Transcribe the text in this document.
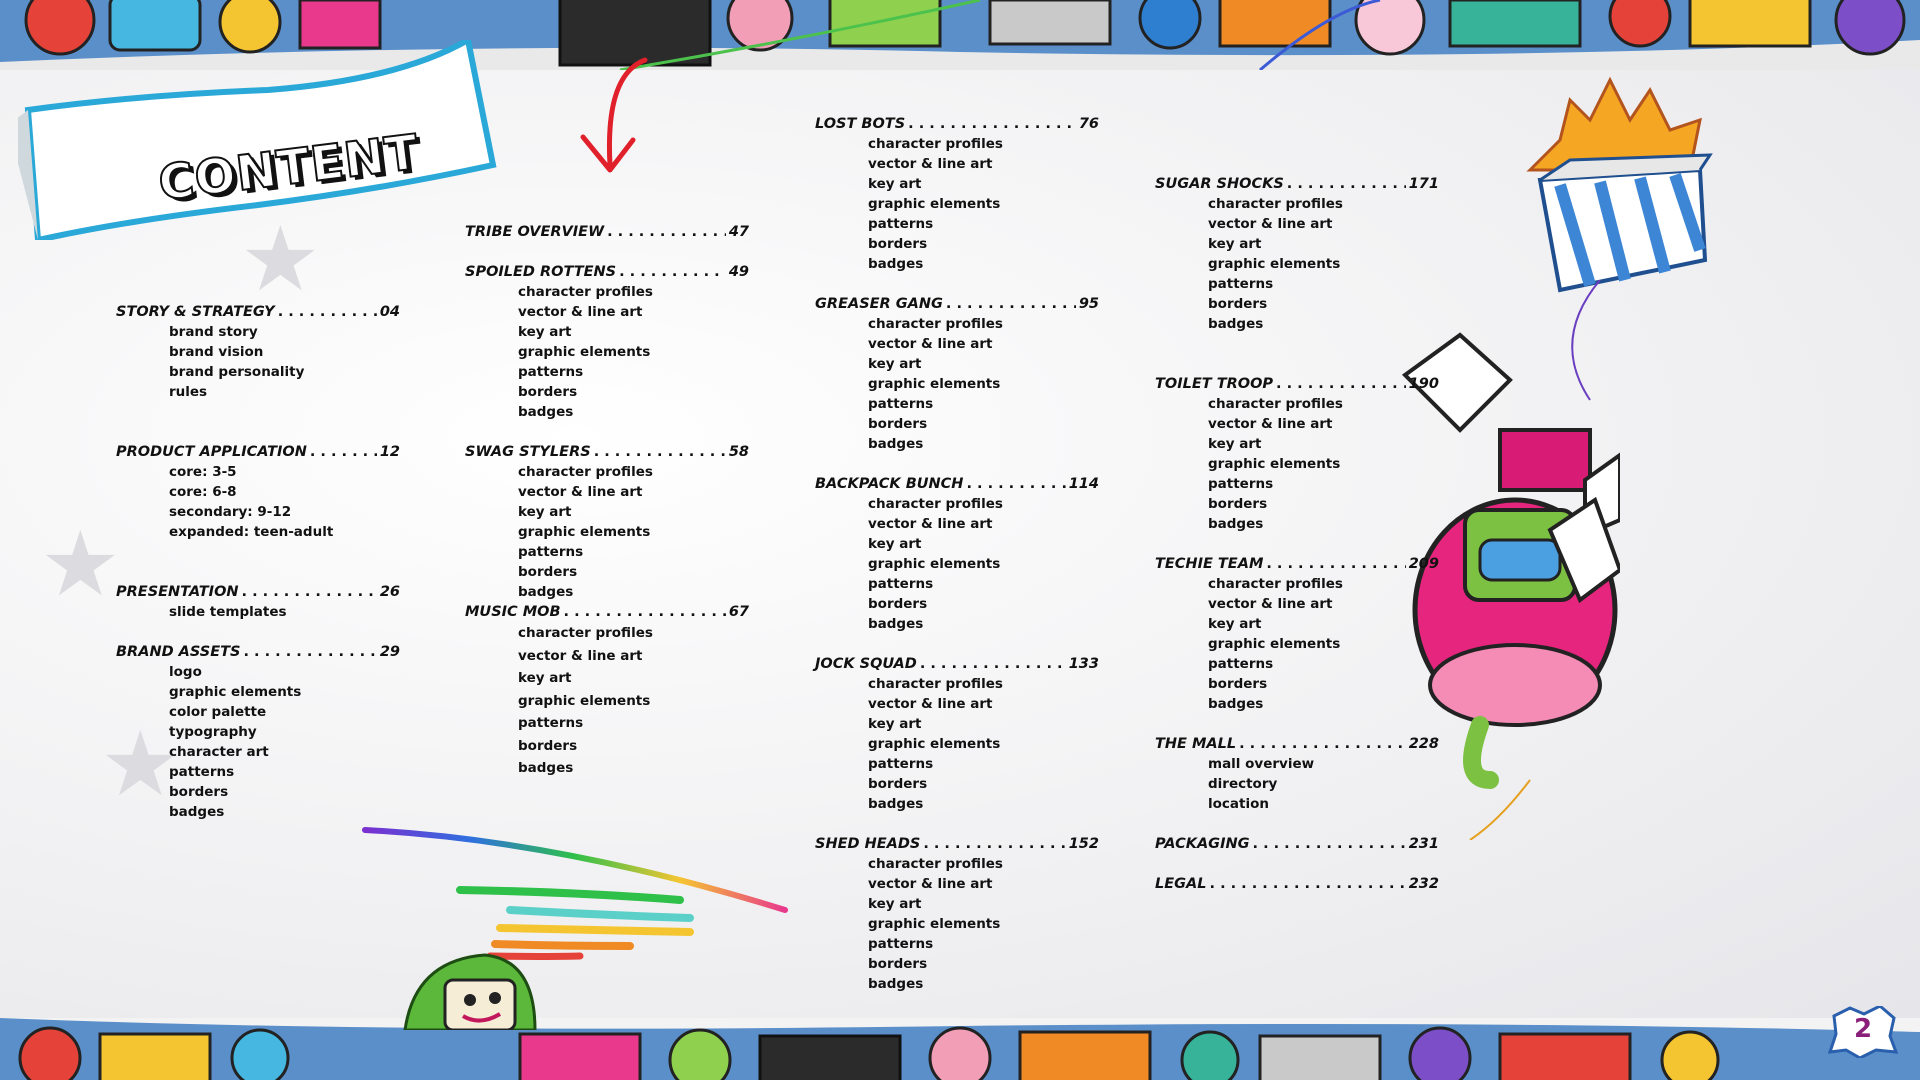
★
★
★
CONTENT
STORY & STRATEGY . . .	04
brand story
brand vision
brand personality
rules
PRODUCT APPLICATION . . .	12
core: 3-5
core: 6-8
secondary: 9-12
expanded: teen-adult
PRESENTATION . . .	26
slide templates
BRAND ASSETS . . .	29
logo
graphic elements
color palette
typography
character art
patterns
borders
badges
TRIBE OVERVIEW . . .	47
SPOILED ROTTENS . . .	49
character profiles
vector & line art
key art
graphic elements
patterns
borders
badges
SWAG STYLERS . . .	58
character profiles
vector & line art
key art
graphic elements
patterns
borders
badges
MUSIC MOB . . .	67
character profiles
vector & line art
key art
graphic elements
patterns
borders
badges
LOST BOTS . . .	76
character profiles
vector & line art
key art
graphic elements
patterns
borders
badges
GREASER GANG . . .	95
character profiles
vector & line art
key art
graphic elements
patterns
borders
badges
BACKPACK BUNCH . . .	114
character profiles
vector & line art
key art
graphic elements
patterns
borders
badges
JOCK SQUAD . . .	133
character profiles
vector & line art
key art
graphic elements
patterns
borders
badges
SHED HEADS . . .	152
character profiles
vector & line art
key art
graphic elements
patterns
borders
badges
SUGAR SHOCKS . . .	171
character profiles
vector & line art
key art
graphic elements
patterns
borders
badges
TOILET TROOP . . .	190
character profiles
vector & line art
key art
graphic elements
patterns
borders
badges
TECHIE TEAM . . .	209
character profiles
vector & line art
key art
graphic elements
patterns
borders
badges
THE MALL . . .	228
mall overview
directory
location
PACKAGING . . .	231
LEGAL . . .	232
2
